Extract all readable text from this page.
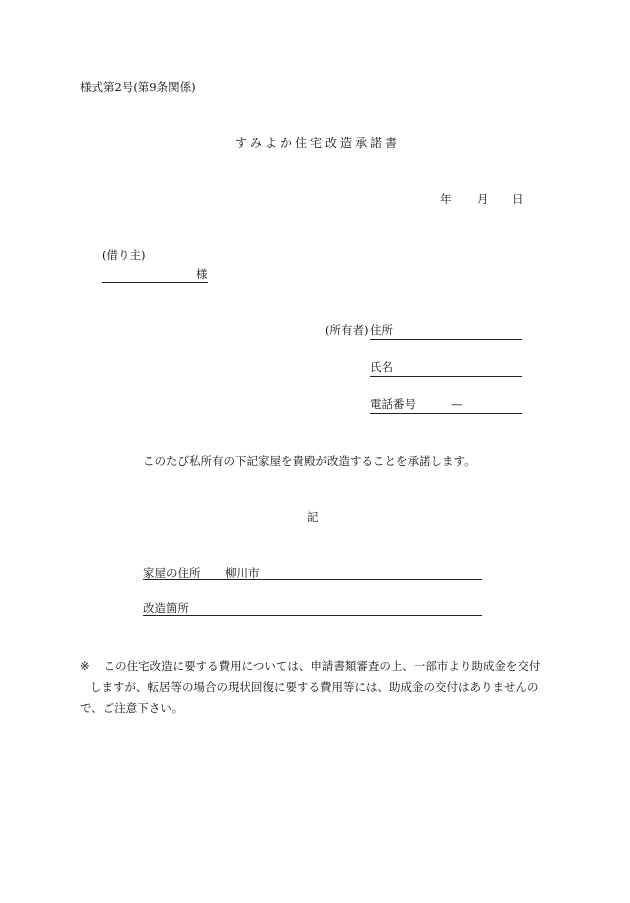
様式第2号(第9条関係)
すみよか住宅改造承諾書
年 月 日
(借り主)
様
(所有者) 住所
氏名
電話番号	—
このたび私所有の下記家屋を貴殿が改造することを承諾します。
記
家屋の住所 柳川市
改造箇所
※ この住宅改造に要する費用については、申請書類審査の上、一部市より助成金を交付
しますが、転居等の場合の現状回復に要する費用等には、助成金の交付はありませんの
で、ご注意下さい。
